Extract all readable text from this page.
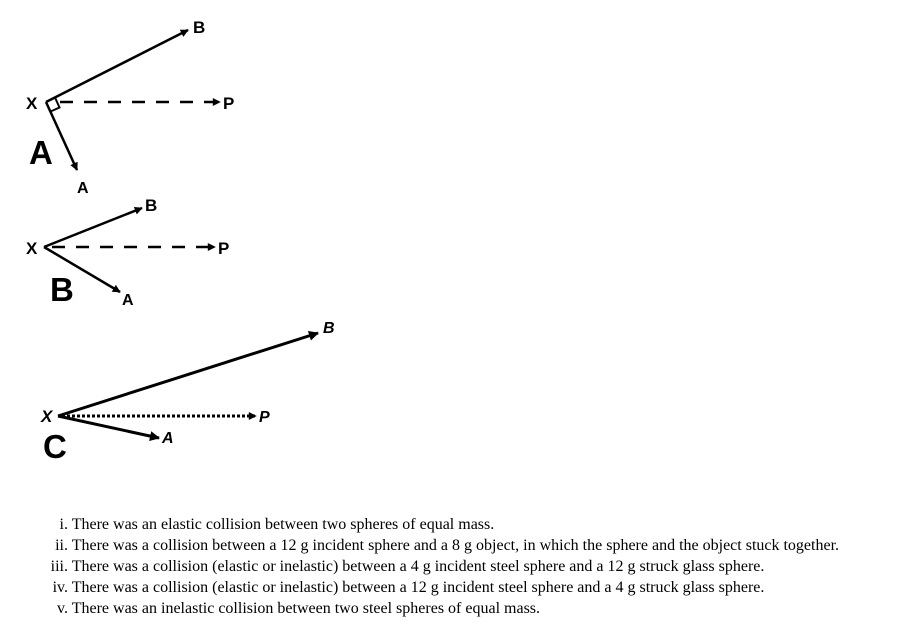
X	P
B
A
A
X	P
B
A
B
X	P
B
A
C
i. There was an elastic collision between two spheres of equal mass.
ii. There was a collision between a 12 g incident sphere and a 8 g object, in which the sphere and the object stuck together.
iii. There was a collision (elastic or inelastic) between a 4 g incident steel sphere and a 12 g struck glass sphere.
iv. There was a collision (elastic or inelastic) between a 12 g incident steel sphere and a 4 g struck glass sphere.
v. There was an inelastic collision between two steel spheres of equal mass.
